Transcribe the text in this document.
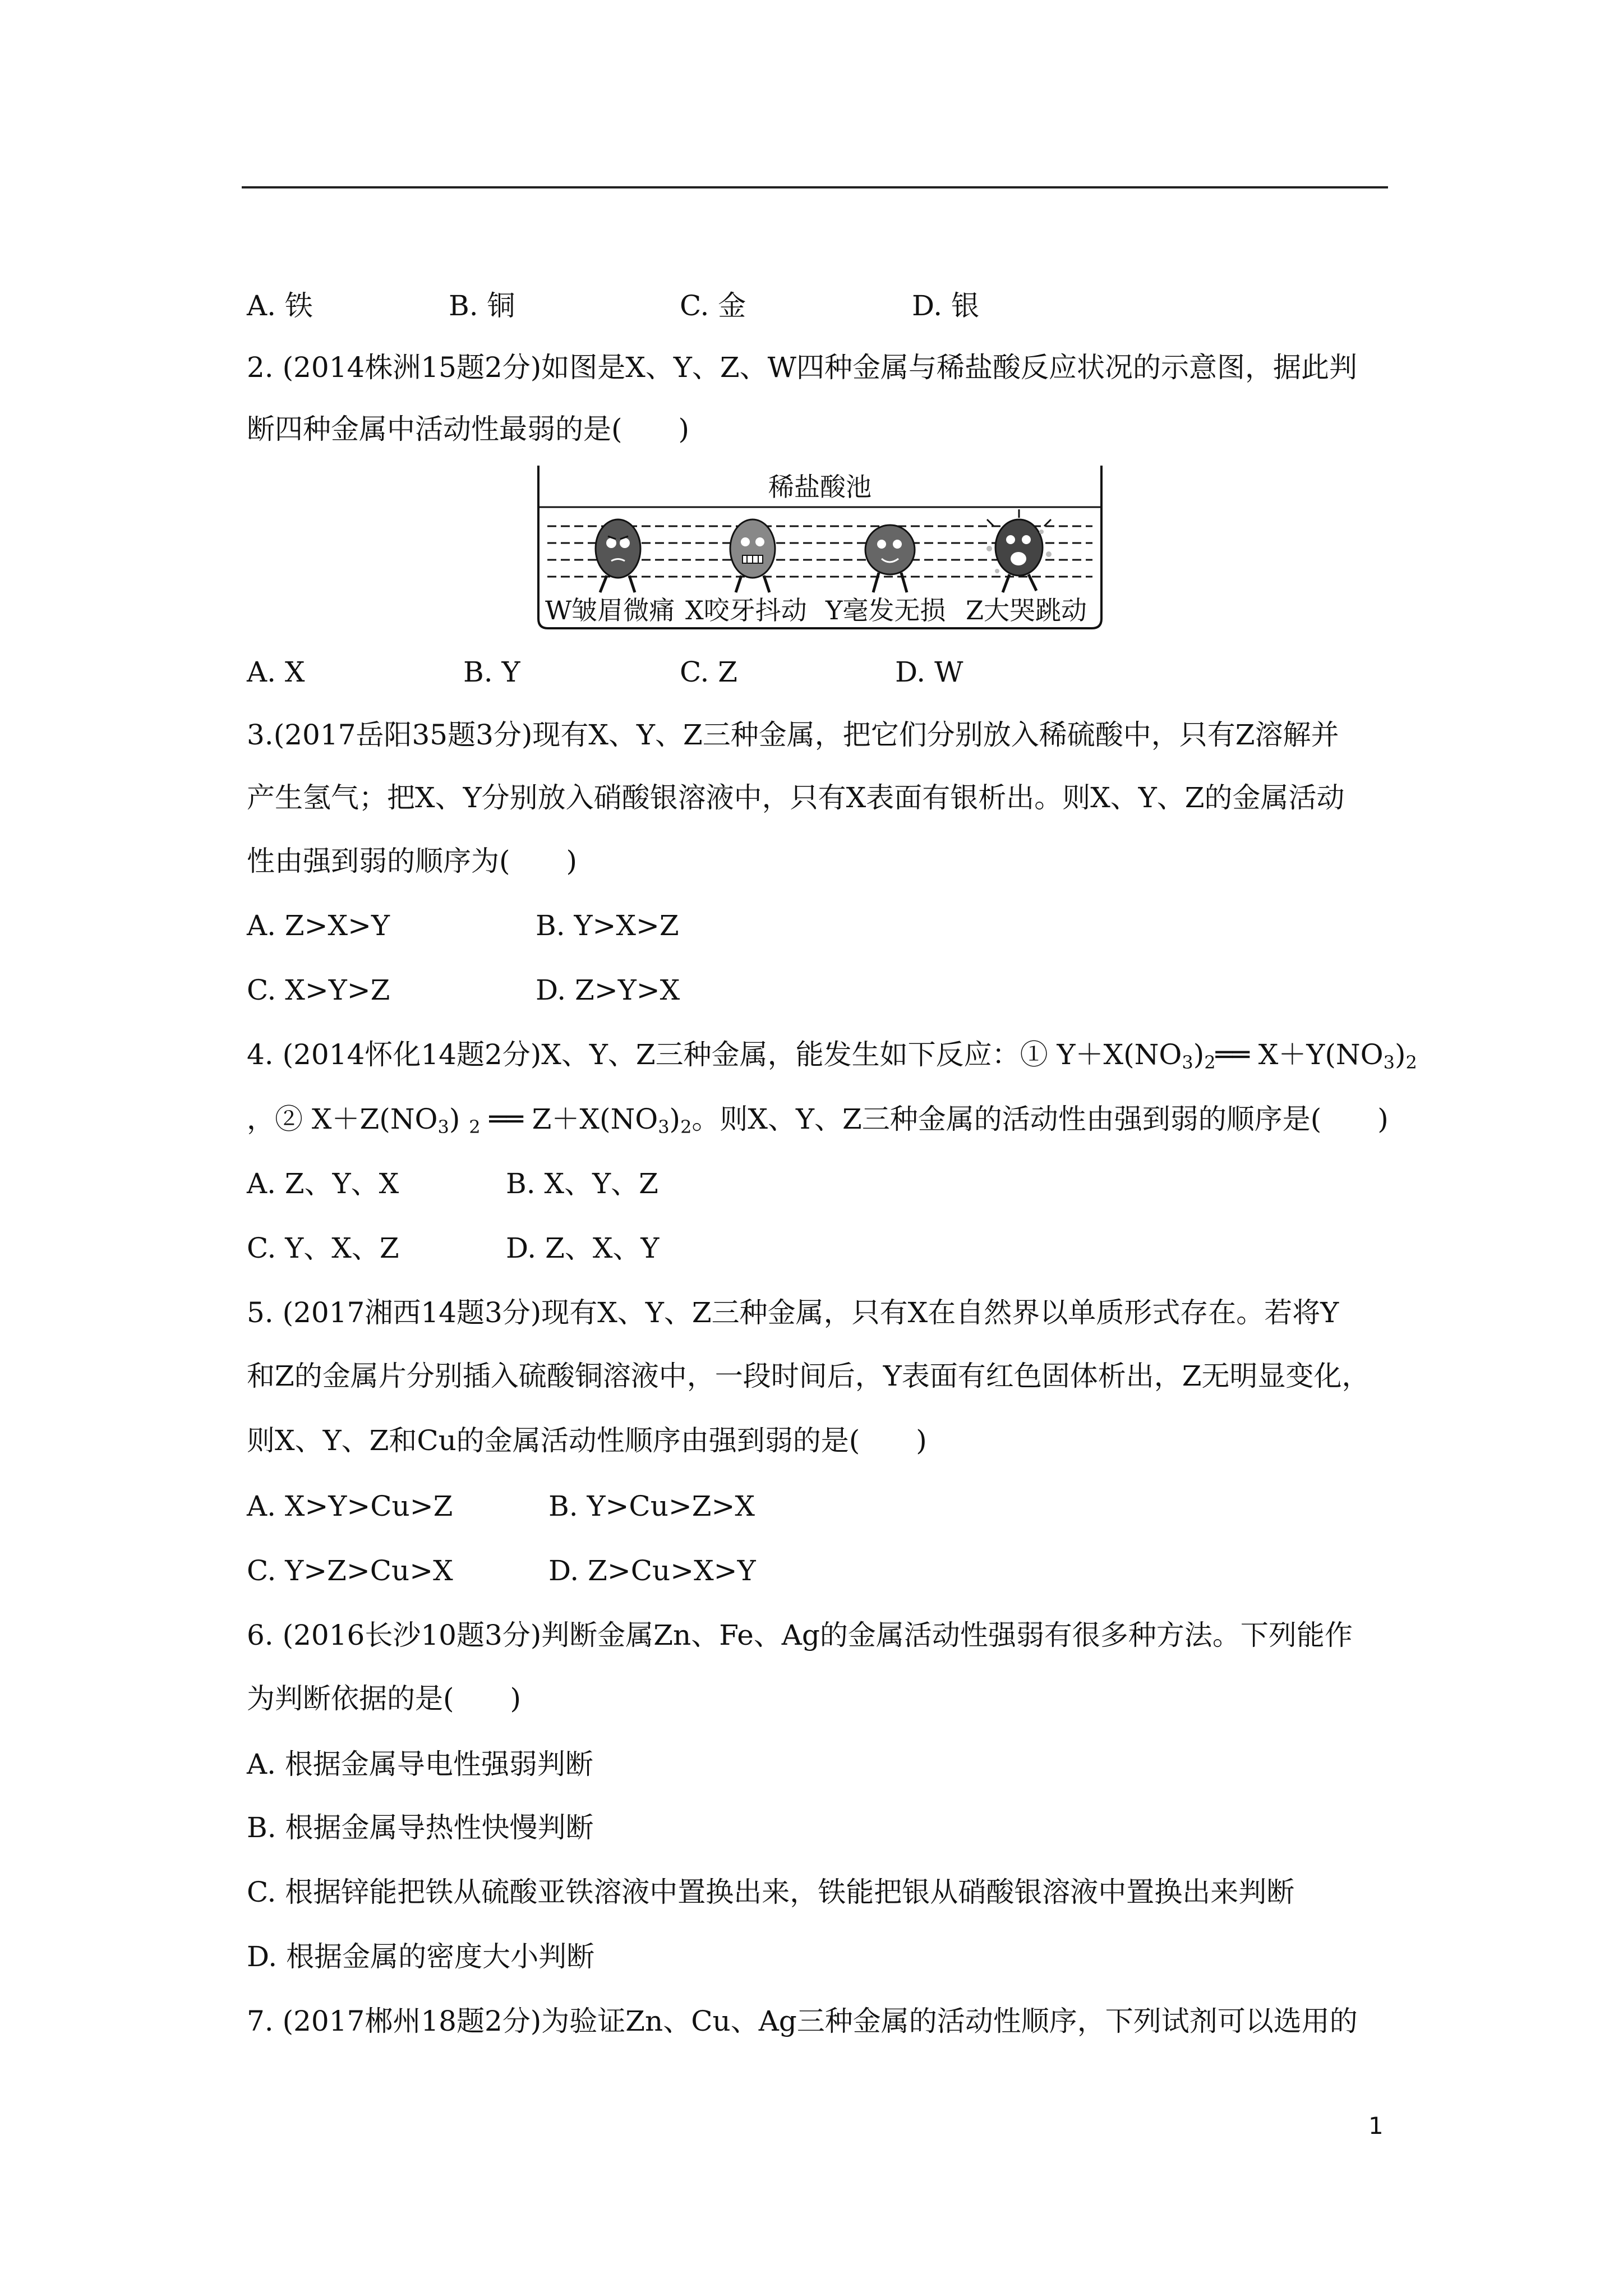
A. 铁	B. 铜	C. 金	D. 银
2. (2014株洲15题2分)如图是X、Y、Z、W四种金属与稀盐酸反应状况的示意图，据此判
断四种金属中活动性最弱的是(　　)
稀盐酸池
W皱眉微痛 X咬牙抖动 Y毫发无损 Z大哭跳动
A. X	B. Y	C. Z	D. W
3.(2017岳阳35题3分)现有X、Y、Z三种金属，把它们分别放入稀硫酸中，只有Z溶解并
产生氢气；把X、Y分别放入硝酸银溶液中，只有X表面有银析出。则X、Y、Z的金属活动
性由强到弱的顺序为(　　)
A. Z>X>Y	B. Y>X>Z
C. X>Y>Z	D. Z>Y>X
4. (2014怀化14题2分)X、Y、Z三种金属，能发生如下反应：① $Y+X(NO_3)_2══$ $X+Y(NO_3)_2$
，② $X+Z(NO_3)$ $_2$ ══ $Z+X(NO_3)_2$。则X、Y、Z三种金属的活动性由强到弱的顺序是(　　)
A. Z、Y、X	B. X、Y、Z
C. Y、X、Z	D. Z、X、Y
5. (2017湘西14题3分)现有X、Y、Z三种金属，只有X在自然界以单质形式存在。若将Y
和Z的金属片分别插入硫酸铜溶液中，一段时间后，Y表面有红色固体析出，Z无明显变化，
则X、Y、Z和Cu的金属活动性顺序由强到弱的是(　　)
A. X>Y>Cu>Z	B. Y>Cu>Z>X
C. Y>Z>Cu>X	D. Z>Cu>X>Y
6. (2016长沙10题3分)判断金属Zn、Fe、Ag的金属活动性强弱有很多种方法。下列能作
为判断依据的是(　　)
A. 根据金属导电性强弱判断
B. 根据金属导热性快慢判断
C. 根据锌能把铁从硫酸亚铁溶液中置换出来，铁能把银从硝酸银溶液中置换出来判断
D. 根据金属的密度大小判断
7. (2017郴州18题2分)为验证Zn、Cu、Ag三种金属的活动性顺序，下列试剂可以选用的
1
